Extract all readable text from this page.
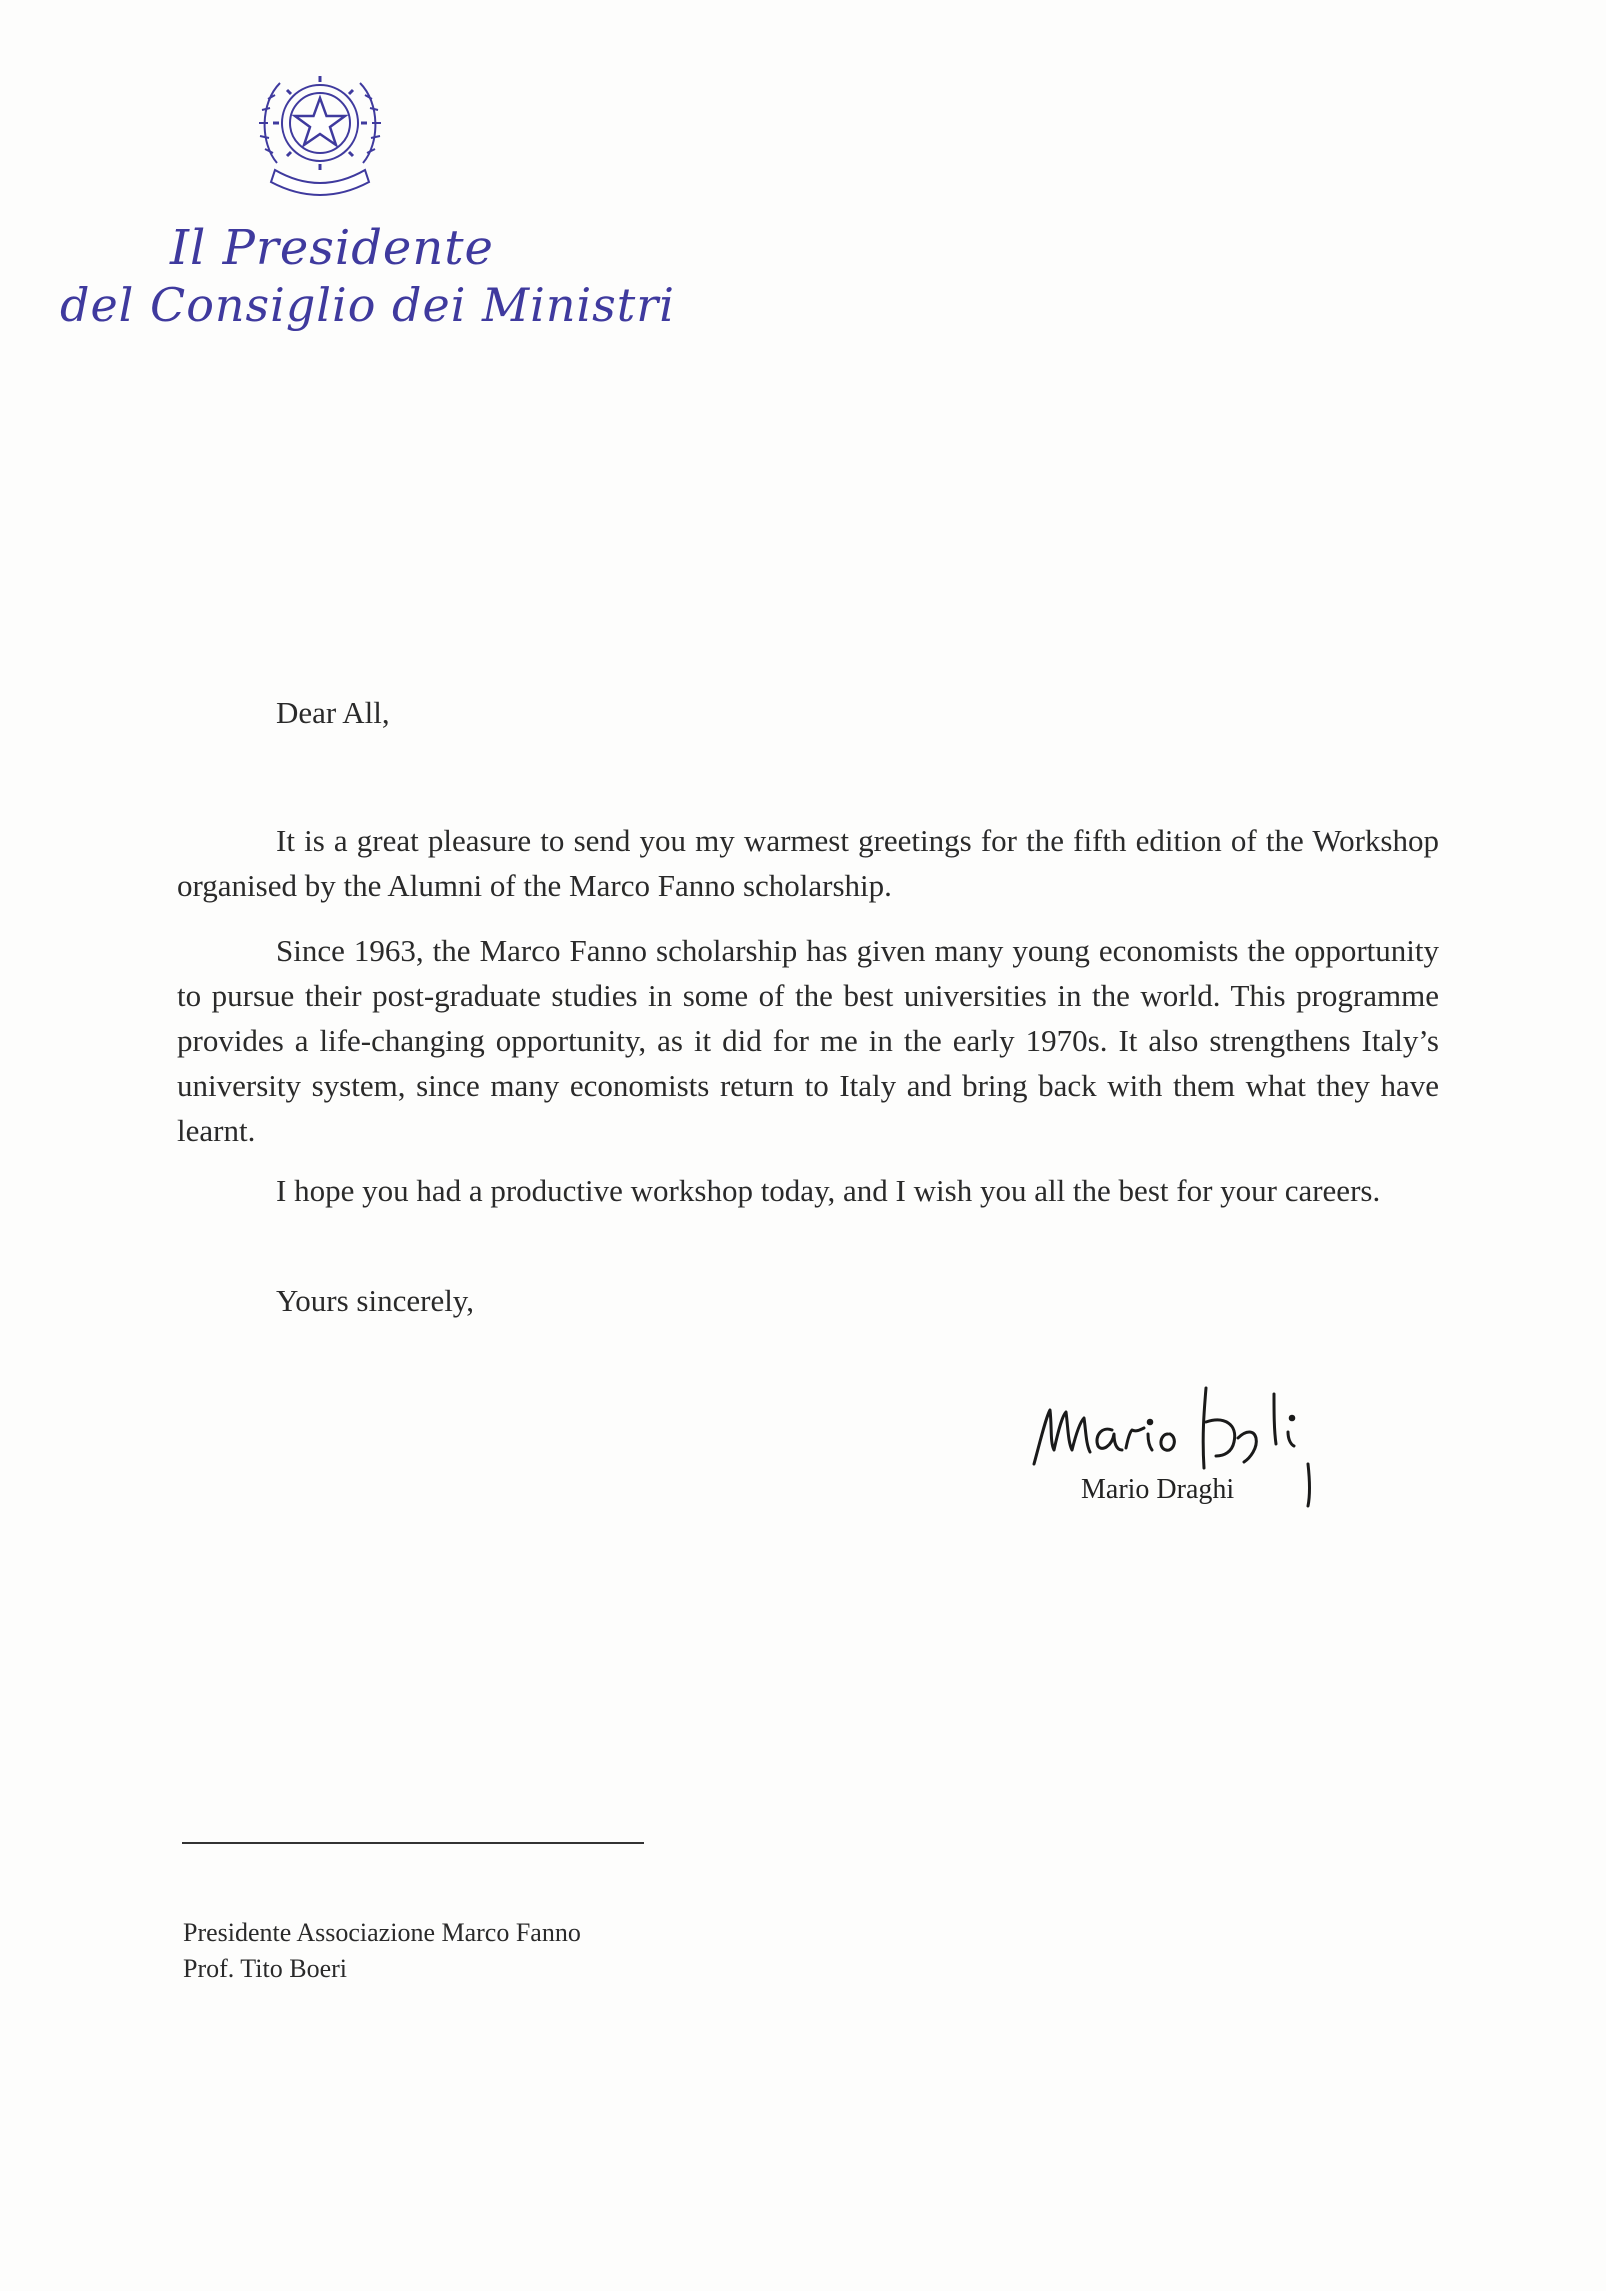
Il Presidente
del Consiglio dei Ministri
Dear All,

It is a great pleasure to send you my warmest greetings for the fifth edition of the Workshop organised by the Alumni of the Marco Fanno scholarship.

Since 1963, the Marco Fanno scholarship has given many young economists the opportunity to pursue their post-graduate studies in some of the best universities in the world. This programme provides a life-changing opportunity, as it did for me in the early 1970s. It also strengthens Italy’s university system, since many economists return to Italy and bring back with them what they have learnt.

I hope you had a productive workshop today, and I wish you all the best for your careers.

Yours sincerely,
Mario Draghi
Presidente Associazione Marco Fanno
Prof. Tito Boeri
